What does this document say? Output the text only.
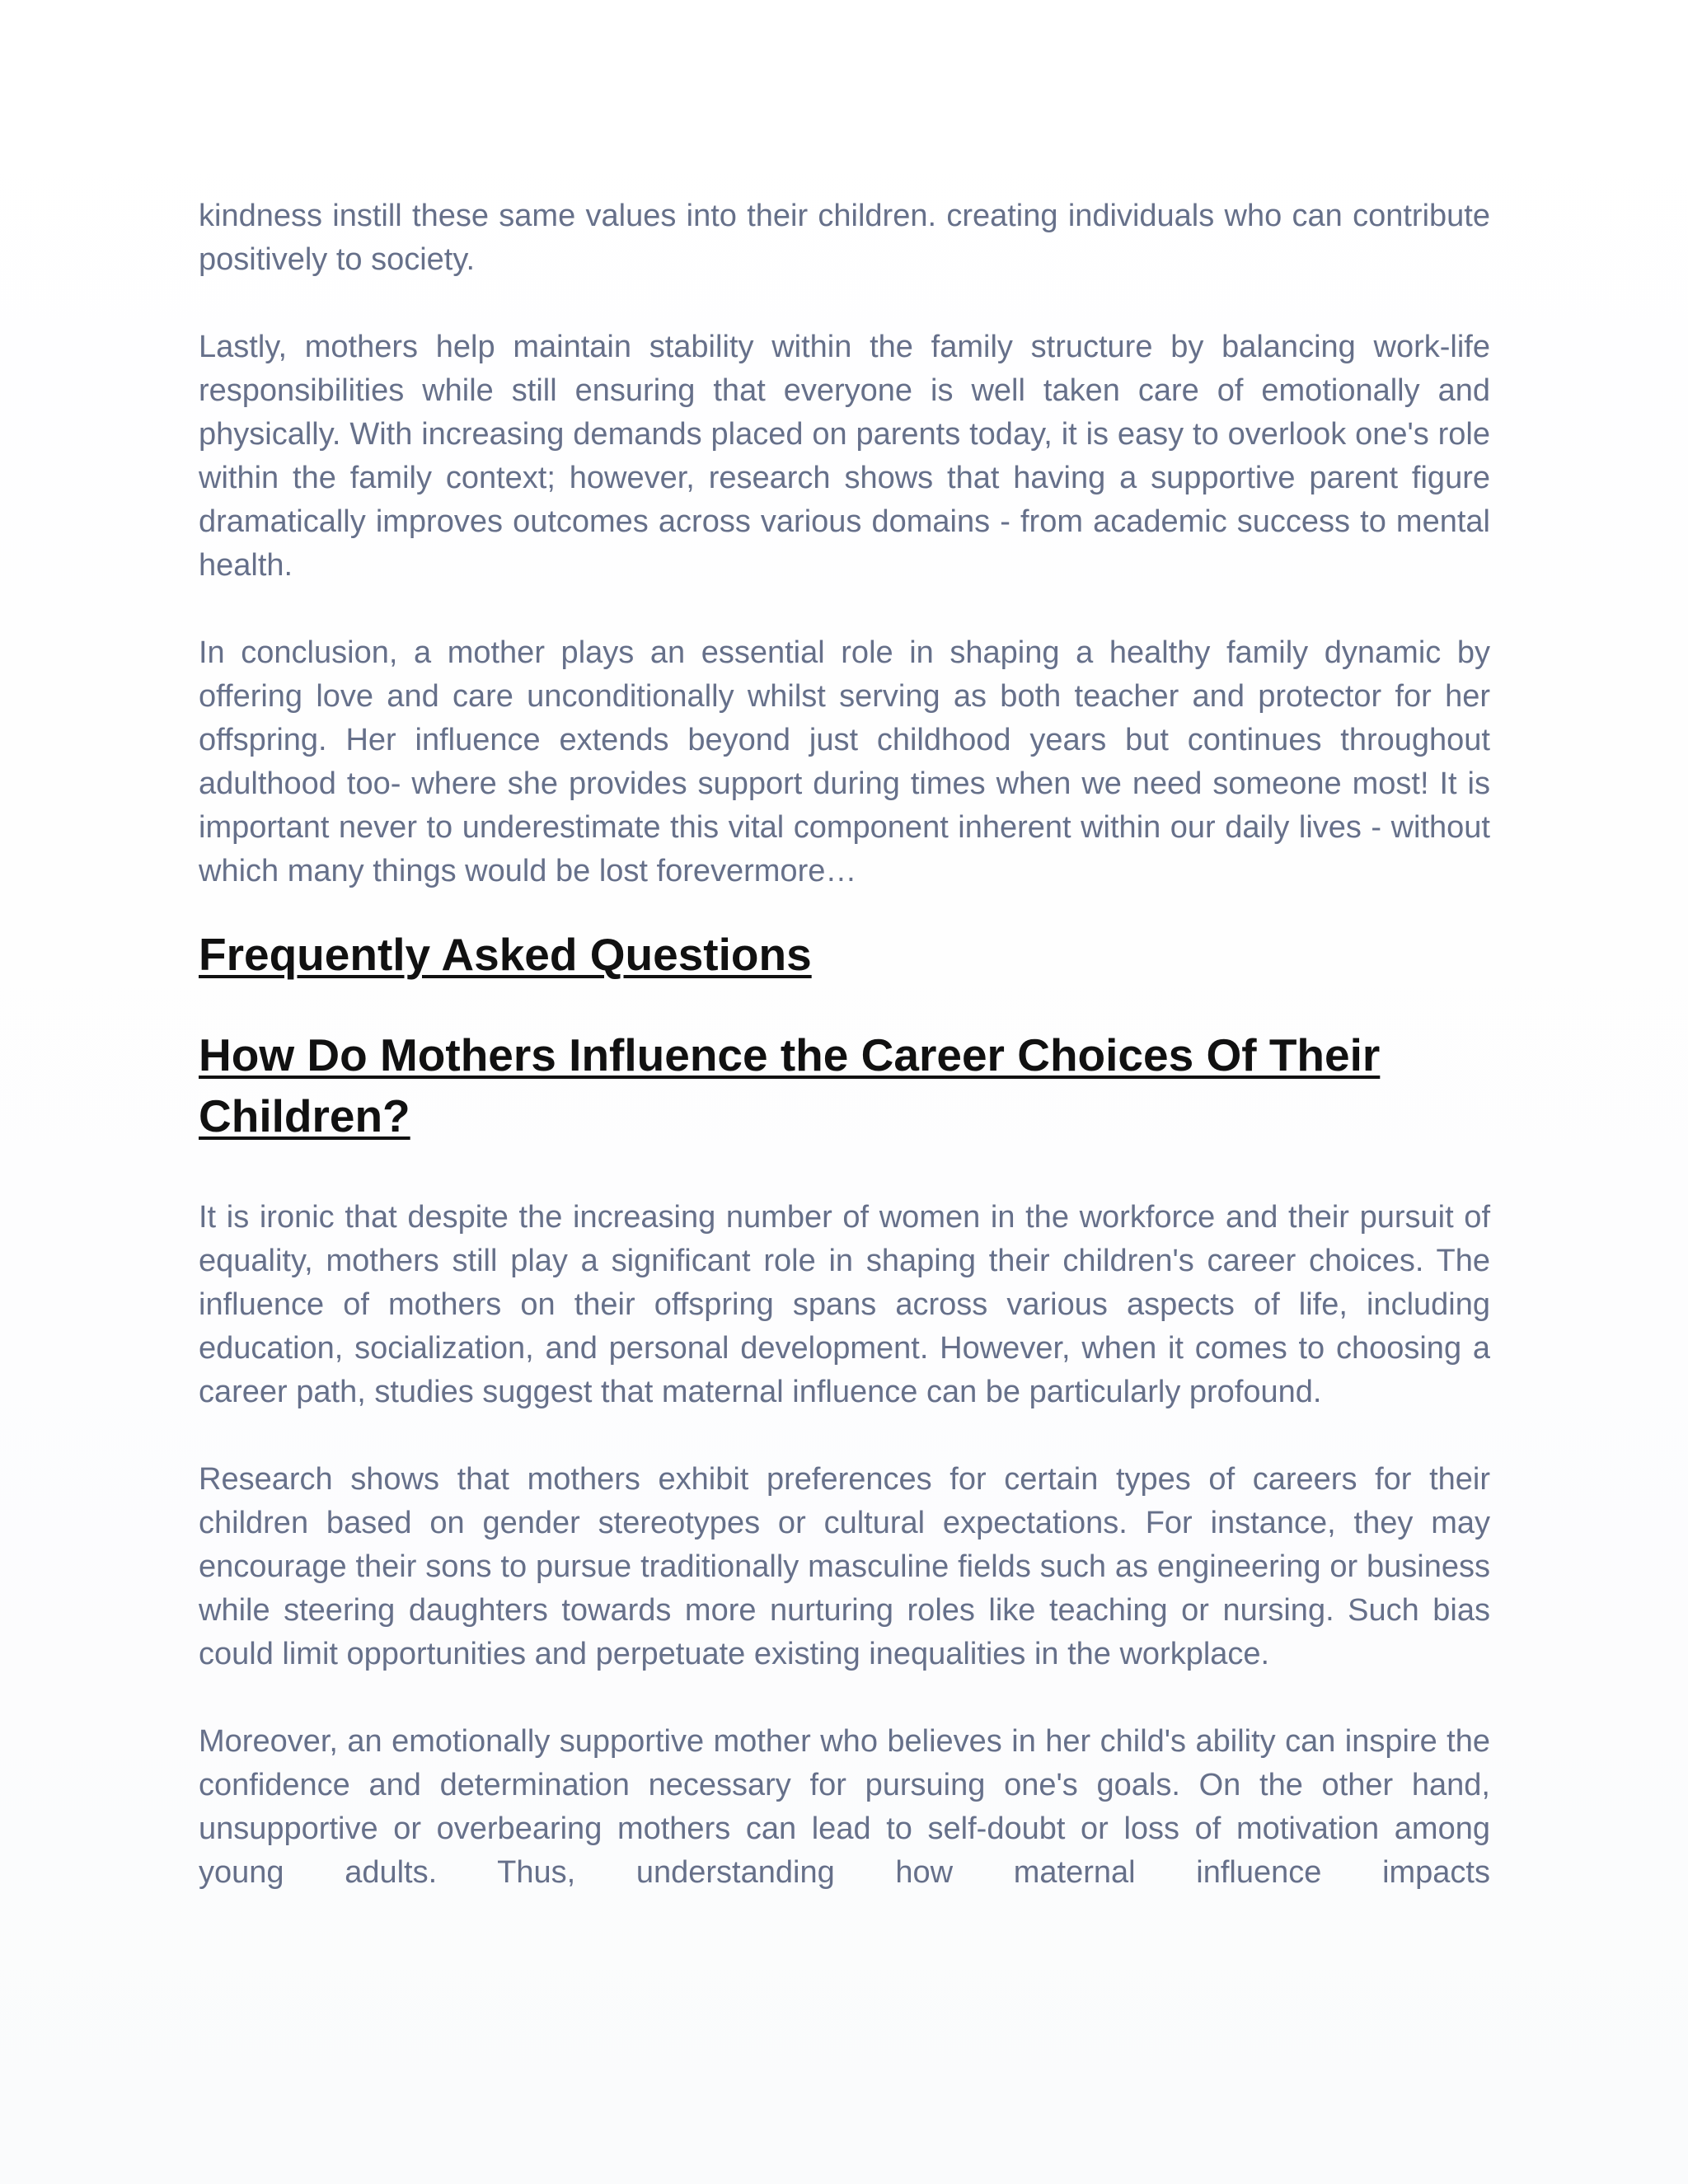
kindness instill these same values into their children. creating individuals who can contribute positively to society.

Lastly, mothers help maintain stability within the family structure by balancing work-life responsibilities while still ensuring that everyone is well taken care of emotionally and physically. With increasing demands placed on parents today, it is easy to overlook one's role within the family context; however, research shows that having a supportive parent figure dramatically improves outcomes across various domains - from academic success to mental health.

In conclusion, a mother plays an essential role in shaping a healthy family dynamic by offering love and care unconditionally whilst serving as both teacher and protector for her offspring. Her influence extends beyond just childhood years but continues throughout adulthood too- where she provides support during times when we need someone most! It is important never to underestimate this vital component inherent within our daily lives - without which many things would be lost forevermore…

Frequently Asked Questions
How Do Mothers Influence the Career Choices Of Their Children?

It is ironic that despite the increasing number of women in the workforce and their pursuit of equality, mothers still play a significant role in shaping their children's career choices. The influence of mothers on their offspring spans across various aspects of life, including education, socialization, and personal development. However, when it comes to choosing a career path, studies suggest that maternal influence can be particularly profound.

Research shows that mothers exhibit preferences for certain types of careers for their children based on gender stereotypes or cultural expectations. For instance, they may encourage their sons to pursue traditionally masculine fields such as engineering or business while steering daughters towards more nurturing roles like teaching or nursing. Such bias could limit opportunities and perpetuate existing inequalities in the workplace.

Moreover, an emotionally supportive mother who believes in her child's ability can inspire the confidence and determination necessary for pursuing one's goals. On the other hand, unsupportive or overbearing mothers can lead to self-doubt or loss of motivation among young adults. Thus, understanding how maternal influence impacts
